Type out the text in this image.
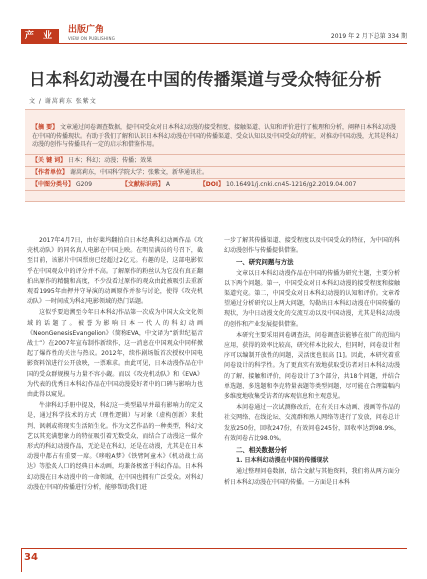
产 业
出版广角
VIEW ON PUBLISHING	2019 年 2 月下总第 334 期
日本科幻动漫在中国的传播渠道与受众特征分析
文 / 谢莴莉东 张紫文
【摘 要】 文章通过问卷调查数据，提中国受众对日本科幻动漫的接受程度、接触渠道、认知和评价进行了梳理和分析，阐释日本科幻动漫在中国的传播现状。有助于我们了解和认识日本科幻动漫在中国的传播渠道、受众认知以及中国受众的特征，对推动中国动漫，尤其是科幻动漫的创作与传播具有一定的启示和借鉴作用。
【关 键 词】 日本；科幻；动漫；传播；效果
【作者单位】 谢莴莉东，中国科学院大学；张紫文，新华通讯社。
【中图分类号】 G209	【文献标识码】 A	【DOI】 10.16491/j.cnki.cn45-1216/g2.2019.04.007

2017年4月7日，由好莱坞翻拍自日本经典科幻动画作品《攻壳机动队》的同名真人电影在中国上映。在明星满员的号召下，截至目前，该影片中国票房已经超过2亿元。有趣的是，这部电影似乎在中国观众中的评分并不高。了解原作的粉丝认为它没有真正翻拍出原作的精髓和高度，不少没看过原作的观众由此被吸引去重新观看1995年由押井守导演的动画原作并参与讨论，使得《攻壳机动队》一时间成为科幻电影领域的热门话题。

这似乎要追溯至今年日本科幻作品第一次成为中国大众文化领域的话题了。被誉为影响日本一代人的科幻动画《NeonGenesisEvangelion》（简称EVA，中文译为“新世纪福音战士”）在2007年宣布制作新续作，这一消息在中国观众中同样掀起了爆炸性的关注与热议。2012年，续作剧场版首次授权中国电影资料馆进行公开放映，一票难求。由此可见，日本动漫作品在中国的受众群规模与力量不容小觑。而以《攻壳机动队》和《EVA》为代表的优秀日本科幻作品在中国动漫爱好者中的口碑与影响力也由此得以窥见。

牛津科幻手册中提及，科幻这一类型最早并最有影响力的定义是，通过科学技术的方式（理性逻辑）与对象（虚构创新）来批判、讽刺或将现实生活陌生化。作为文艺作品的一种类型，科幻文艺以其充满想象力的特征吸引着无数受众，而结合了动漫这一媒介形式的科幻动漫作品，无论是在科幻，还是在动漫，尤其是在日本动漫中都占有重要一席。《哆啦A梦》《铁臂阿童木》《机动战士高达》等脍炙人口的经典日本动画，均兼备极富于科幻作品。日本科幻动漫在日本动漫中的一命领域，在中国也拥有广泛受众。对科幻动漫在中国的传播进行分析，能够帮助我们进

一步了解其传播渠道、接受程度以及中国受众的特征，为中国的科幻动漫创作与传播提供借鉴。

一、研究问题与方法

文章以日本科幻动漫作品在中国的传播为研究主题，主要分析以下两个问题。第一，中国受众对日本科幻动漫的接受程度和接触渠道究竟。第二，中国受众对日本科幻动漫的认知和评价。文章希望通过分析研究以上两大问题，勾勒出日本科幻动漫在中国传播的现状，为中日动漫文化的交流互动以及中国动漫，尤其是科幻动漫的创作和产业发展提供借鉴。

本研究主要采用问卷调查法，问卷调查法能够在很广的范围内应用，获得的效率比较高，研究样本比较大，但同时，问卷设计程序可以编制开放性的问题，灵活度也很高 [1]。因此，本研究着重问卷设计的科学性。为了更真实有效地获取受访者对日本科幻动漫的了解、接触和评价，问卷设计了3个部分，共18个问题，并结合单选题、多选题和李克特量表题等类型问题，尽可能在合理篇幅内多维度地收集受访者的客观信息和主观意见。

本问卷通过一次试测修改后，在有关日本动画、漫画等作品的社交网络、在线论坛、交流群和熟人网络等进行了发放，问卷总计发放250份，回收247份，有效问卷245份，回收率达到98.9%，有效问卷占比98.0%。

二、相关数据分析

1. 日本科幻动漫在中国的传播现状

通过整理问卷数据，结合文献与其他资料，我们将从两方面分析日本科幻动漫在中国的传播。一方面是日本科

34
